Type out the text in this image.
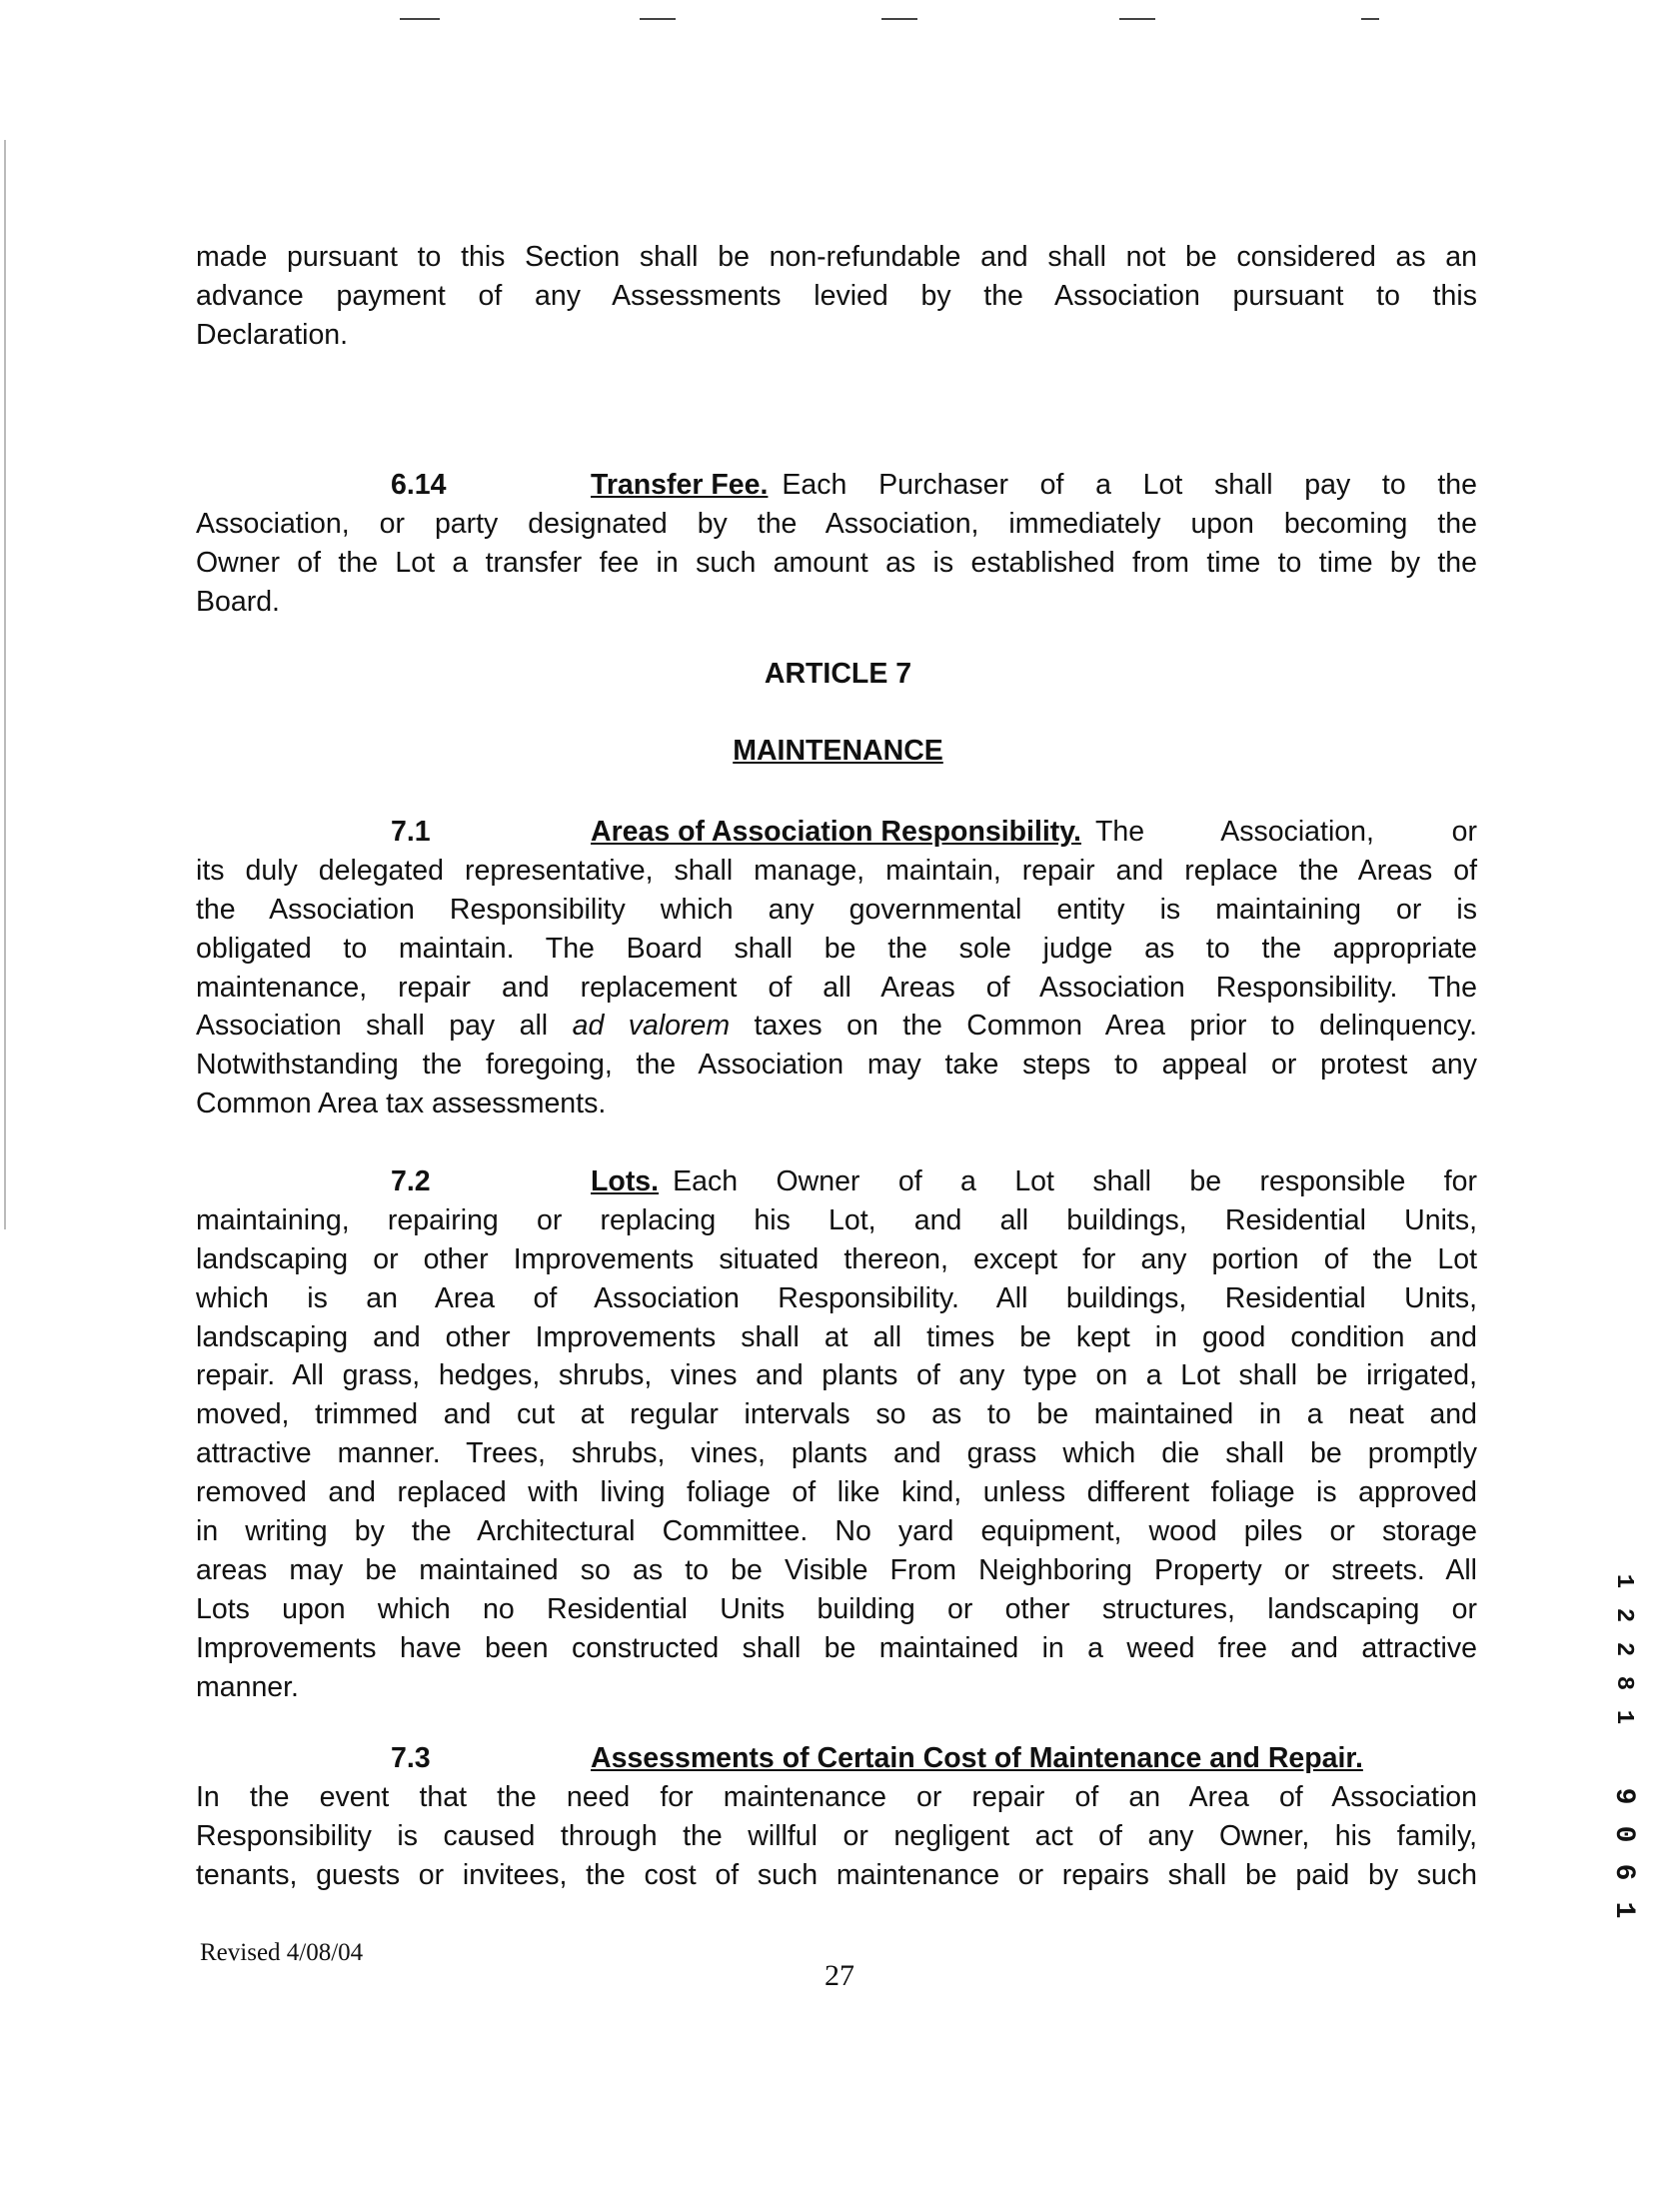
made pursuant to this Section shall be non-refundable and shall not be considered as an
advance payment of any Assessments levied by the Association pursuant to this
Declaration.
6.14	Transfer Fee. Each Purchaser of a Lot shall pay to the
Association, or party designated by the Association, immediately upon becoming the
Owner of the Lot a transfer fee in such amount as is established from time to time by the
Board.
ARTICLE 7
MAINTENANCE
7.1	Areas of Association Responsibility. The Association, or
its duly delegated representative, shall manage, maintain, repair and replace the Areas of
the Association Responsibility which any governmental entity is maintaining or is
obligated to maintain. The Board shall be the sole judge as to the appropriate
maintenance, repair and replacement of all Areas of Association Responsibility. The
Association shall pay all ad valorem taxes on the Common Area prior to delinquency.
Notwithstanding the foregoing, the Association may take steps to appeal or protest any
Common Area tax assessments.
7.2	Lots. Each Owner of a Lot shall be responsible for
maintaining, repairing or replacing his Lot, and all buildings, Residential Units,
landscaping or other Improvements situated thereon, except for any portion of the Lot
which is an Area of Association Responsibility. All buildings, Residential Units,
landscaping and other Improvements shall at all times be kept in good condition and
repair. All grass, hedges, shrubs, vines and plants of any type on a Lot shall be irrigated,
moved, trimmed and cut at regular intervals so as to be maintained in a neat and
attractive manner. Trees, shrubs, vines, plants and grass which die shall be promptly
removed and replaced with living foliage of like kind, unless different foliage is approved
in writing by the Architectural Committee. No yard equipment, wood piles or storage
areas may be maintained so as to be Visible From Neighboring Property or streets. All
Lots upon which no Residential Units building or other structures, landscaping or
Improvements have been constructed shall be maintained in a weed free and attractive
manner.
7.3	Assessments of Certain Cost of Maintenance and Repair.
In the event that the need for maintenance or repair of an Area of Association
Responsibility is caused through the willful or negligent act of any Owner, his family,
tenants, guests or invitees, the cost of such maintenance or repairs shall be paid by such
Revised 4/08/04
27
1
2
2
8
1
9
0
6
1
